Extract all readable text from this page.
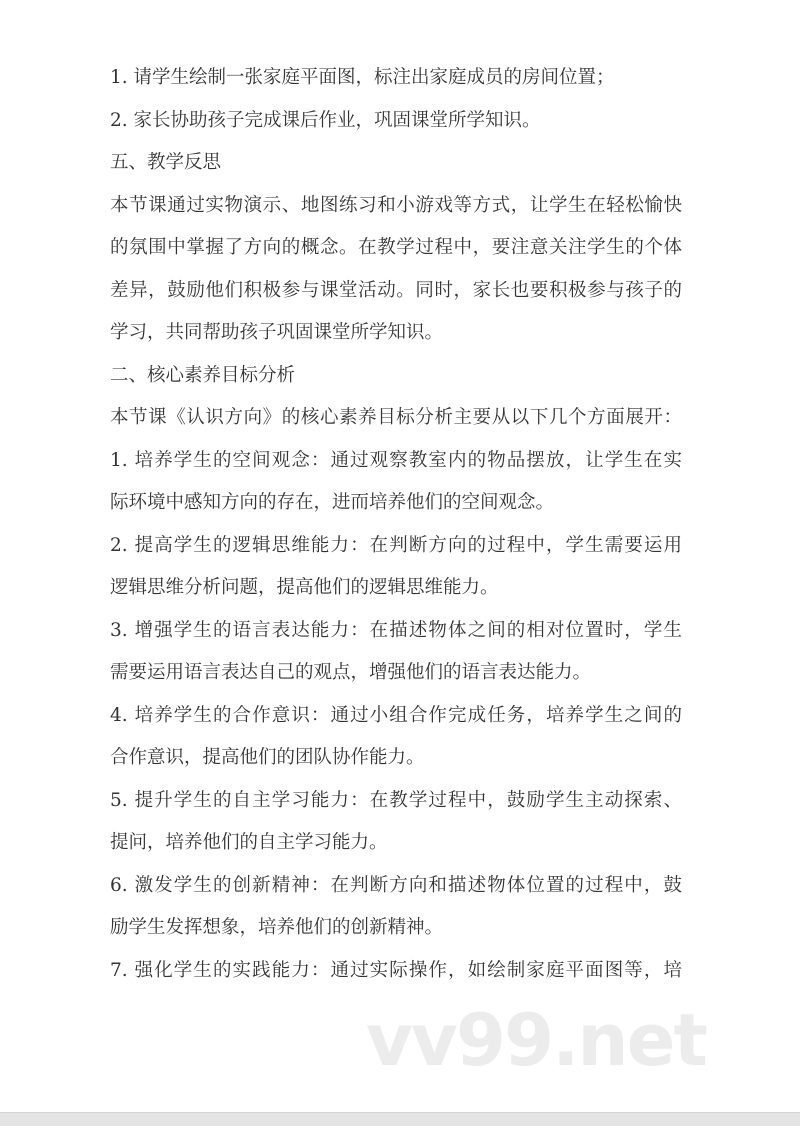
1. 请学生绘制一张家庭平面图，标注出家庭成员的房间位置；
2. 家长协助孩子完成课后作业，巩固课堂所学知识。
五、教学反思
本节课通过实物演示、地图练习和小游戏等方式，让学生在轻松愉快
的氛围中掌握了方向的概念。在教学过程中，要注意关注学生的个体
差异，鼓励他们积极参与课堂活动。同时，家长也要积极参与孩子的
学习，共同帮助孩子巩固课堂所学知识。
二、核心素养目标分析
本节课《认识方向》的核心素养目标分析主要从以下几个方面展开：
1. 培养学生的空间观念：通过观察教室内的物品摆放，让学生在实
际环境中感知方向的存在，进而培养他们的空间观念。
2. 提高学生的逻辑思维能力：在判断方向的过程中，学生需要运用
逻辑思维分析问题，提高他们的逻辑思维能力。
3. 增强学生的语言表达能力：在描述物体之间的相对位置时，学生
需要运用语言表达自己的观点，增强他们的语言表达能力。
4. 培养学生的合作意识：通过小组合作完成任务，培养学生之间的
合作意识，提高他们的团队协作能力。
5. 提升学生的自主学习能力：在教学过程中，鼓励学生主动探索、
提问，培养他们的自主学习能力。
6. 激发学生的创新精神：在判断方向和描述物体位置的过程中，鼓
励学生发挥想象，培养他们的创新精神。
7. 强化学生的实践能力：通过实际操作，如绘制家庭平面图等，培
vv99.net
